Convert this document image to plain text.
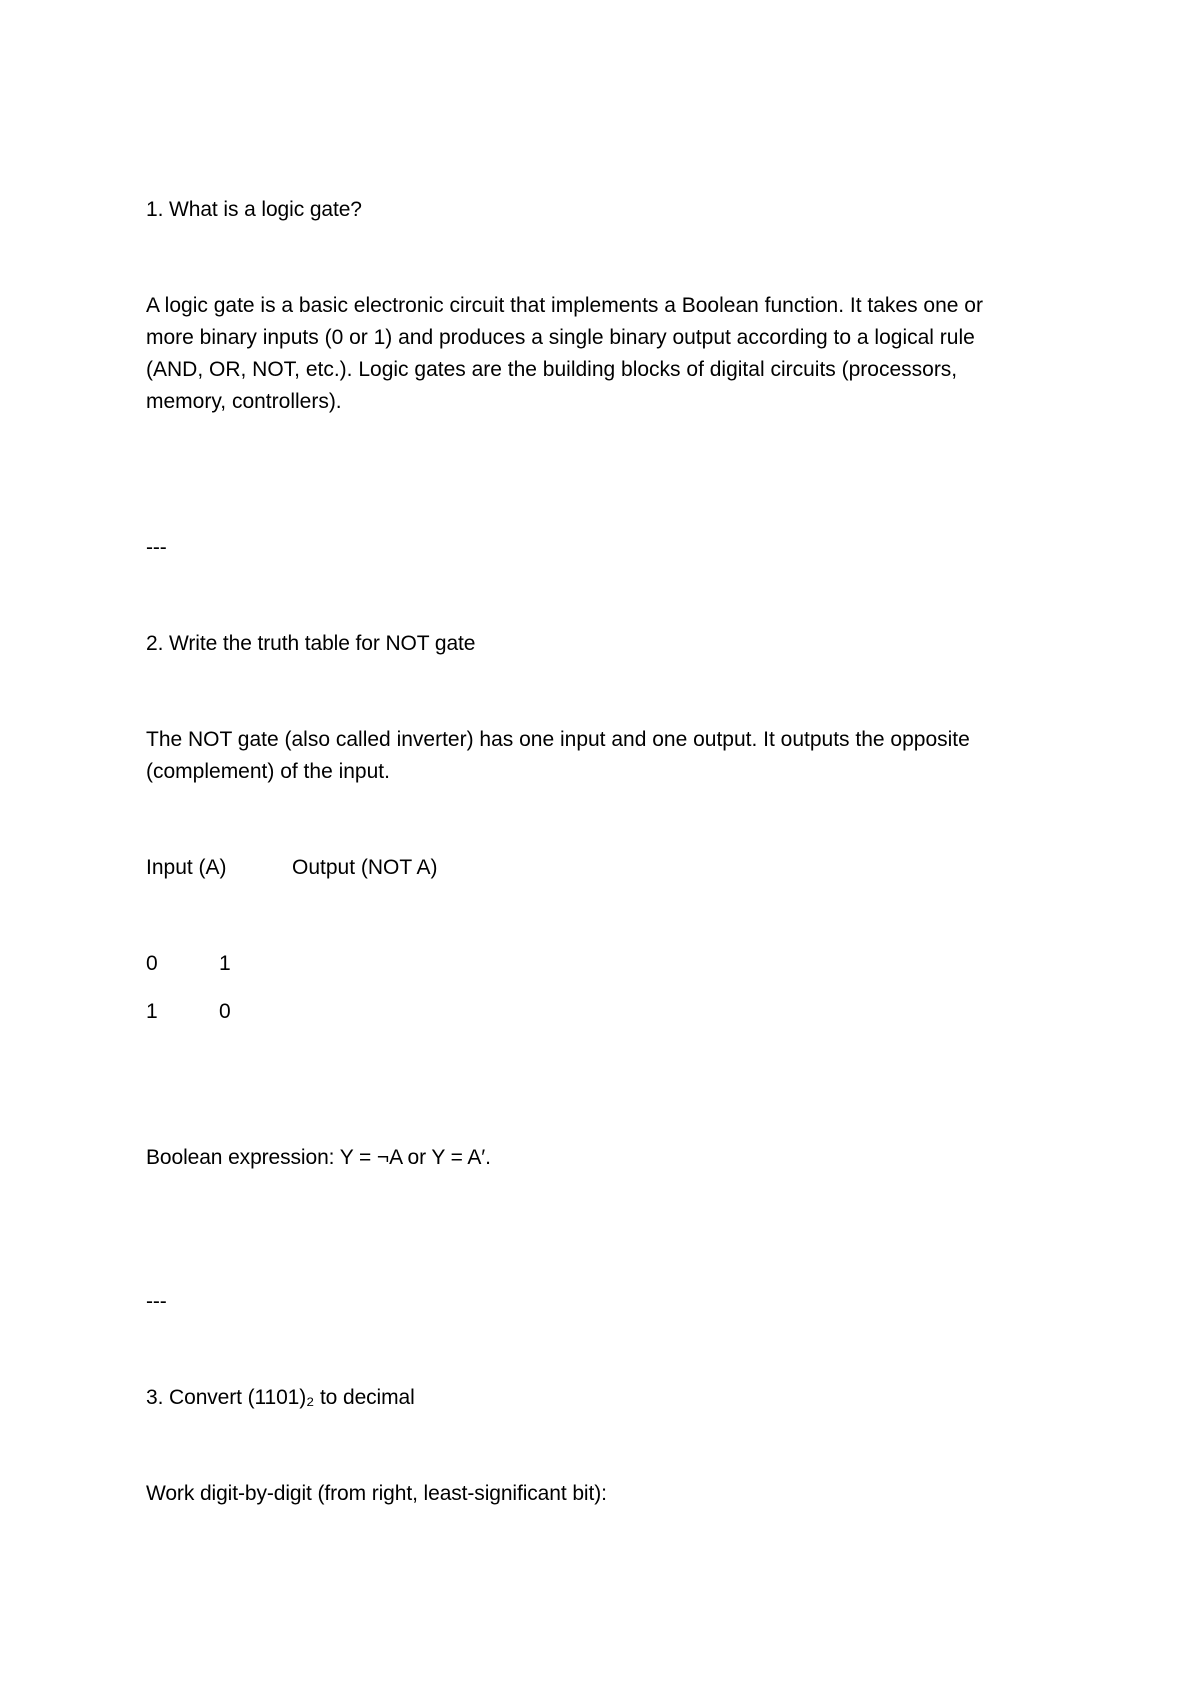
1. What is a logic gate?

A logic gate is a basic electronic circuit that implements a Boolean function. It takes one or
more binary inputs (0 or 1) and produces a single binary output according to a logical rule
(AND, OR, NOT, etc.). Logic gates are the building blocks of digital circuits (processors,
memory, controllers).

---

2. Write the truth table for NOT gate

The NOT gate (also called inverter) has one input and one output. It outputs the opposite
(complement) of the input.

Input (A)	Output (NOT A)

0	1

1	0

Boolean expression: Y = ¬A or Y = A′.

---

3. Convert (1101)₂ to decimal

Work digit-by-digit (from right, least-significant bit):
